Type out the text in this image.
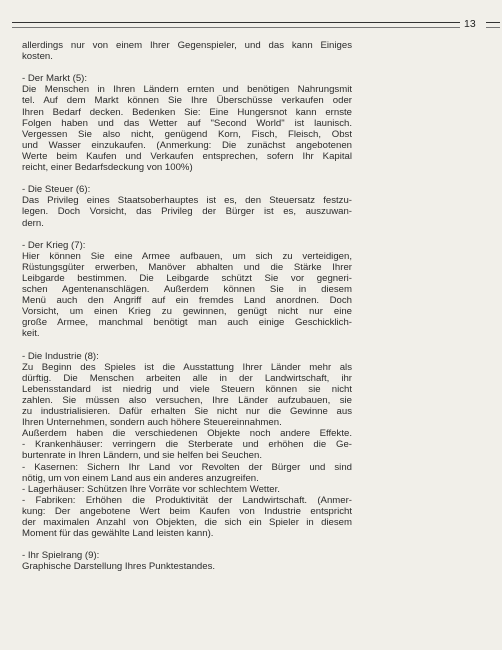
13
allerdings nur von einem Ihrer Gegenspieler, und das kann Einiges
kosten.
- Der Markt (5):
Die Menschen in Ihren Ländern ernten und benötigen Nahrungsmit
tel. Auf dem Markt können Sie Ihre Überschüsse verkaufen oder
Ihren Bedarf decken. Bedenken Sie: Eine Hungersnot kann ernste
Folgen haben und das Wetter auf "Second World" ist launisch.
Vergessen Sie also nicht, genügend Korn, Fisch, Fleisch, Obst
und Wasser einzukaufen. (Anmerkung: Die zunächst angebotenen
Werte beim Kaufen und Verkaufen entsprechen, sofern Ihr Kapital
reicht, einer Bedarfsdeckung von 100%)
- Die Steuer (6):
Das Privileg eines Staatsoberhauptes ist es, den Steuersatz festzu-
legen. Doch Vorsicht, das Privileg der Bürger ist es, auszuwan-
dern.
- Der Krieg (7):
Hier können Sie eine Armee aufbauen, um sich zu verteidigen,
Rüstungsgüter erwerben, Manöver abhalten und die Stärke Ihrer
Leibgarde bestimmen. Die Leibgarde schützt Sie vor gegneri-
schen Agentenanschlägen. Außerdem können Sie in diesem
Menü auch den Angriff auf ein fremdes Land anordnen. Doch
Vorsicht, um einen Krieg zu gewinnen, genügt nicht nur eine
große Armee, manchmal benötigt man auch einige Geschicklich-
keit.
- Die Industrie (8):
Zu Beginn des Spieles ist die Ausstattung Ihrer Länder mehr als
dürftig. Die Menschen arbeiten alle in der Landwirtschaft, ihr
Lebensstandard ist niedrig und viele Steuern können sie nicht
zahlen. Sie müssen also versuchen, Ihre Länder aufzubauen, sie
zu industrialisieren. Dafür erhalten Sie nicht nur die Gewinne aus
Ihren Unternehmen, sondern auch höhere Steuereinnahmen.
Außerdem haben die verschiedenen Objekte noch andere Effekte.
- Krankenhäuser: verringern die Sterberate und erhöhen die Ge-
burtenrate in Ihren Ländern, und sie helfen bei Seuchen.
- Kasernen: Sichern Ihr Land vor Revolten der Bürger und sind
nötig, um von einem Land aus ein anderes anzugreifen.
- Lagerhäuser: Schützen Ihre Vorräte vor schlechtem Wetter.
- Fabriken: Erhöhen die Produktivität der Landwirtschaft. (Anmer-
kung: Der angebotene Wert beim Kaufen von Industrie entspricht
der maximalen Anzahl von Objekten, die sich ein Spieler in diesem
Moment für das gewählte Land leisten kann).
- Ihr Spielrang (9):
Graphische Darstellung Ihres Punktestandes.
